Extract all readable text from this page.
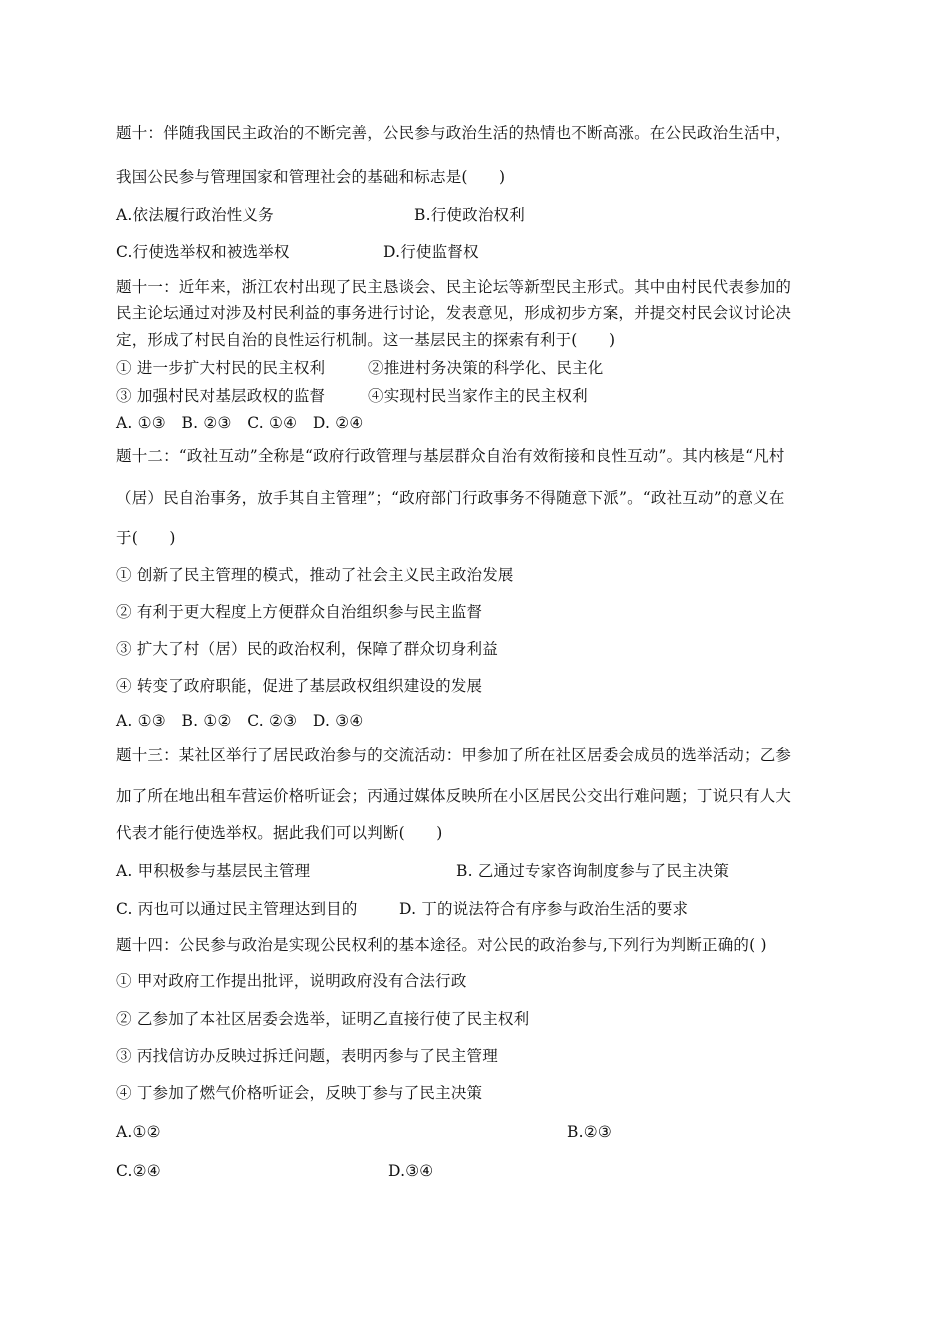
题十：伴随我国民主政治的不断完善，公民参与政治生活的热情也不断高涨。在公民政治生活中，
我国公民参与管理国家和管理社会的基础和标志是(　　)
A.依法履行政治性义务	B.行使政治权利
C.行使选举权和被选举权	D.行使监督权
题十一：近年来，浙江农村出现了民主恳谈会、民主论坛等新型民主形式。其中由村民代表参加的
民主论坛通过对涉及村民利益的事务进行讨论，发表意见，形成初步方案，并提交村民会议讨论决
定，形成了村民自治的良性运行机制。这一基层民主的探索有利于(　　)
① 进一步扩大村民的民主权利	②推进村务决策的科学化、民主化
③ 加强村民对基层政权的监督	④实现村民当家作主的民主权利
A. ①③　B. ②③　C. ①④　D. ②④
题十二：“政社互动”全称是“政府行政管理与基层群众自治有效衔接和良性互动”。其内核是“凡村
（居）民自治事务，放手其自主管理”；“政府部门行政事务不得随意下派”。“政社互动”的意义在
于(　　)
① 创新了民主管理的模式，推动了社会主义民主政治发展
② 有利于更大程度上方便群众自治组织参与民主监督
③ 扩大了村（居）民的政治权利，保障了群众切身利益
④ 转变了政府职能，促进了基层政权组织建设的发展
A. ①③　B. ①②　C. ②③　D. ③④
题十三：某社区举行了居民政治参与的交流活动：甲参加了所在社区居委会成员的选举活动；乙参
加了所在地出租车营运价格听证会；丙通过媒体反映所在小区居民公交出行难问题；丁说只有人大
代表才能行使选举权。据此我们可以判断(　　)
A. 甲积极参与基层民主管理	B. 乙通过专家咨询制度参与了民主决策
C. 丙也可以通过民主管理达到目的	D. 丁的说法符合有序参与政治生活的要求
题十四：公民参与政治是实现公民权利的基本途径。对公民的政治参与,下列行为判断正确的( )
① 甲对政府工作提出批评，说明政府没有合法行政
② 乙参加了本社区居委会选举，证明乙直接行使了民主权利
③ 丙找信访办反映过拆迁问题，表明丙参与了民主管理
④ 丁参加了燃气价格听证会，反映丁参与了民主决策
A.①②	B.②③
C.②④	D.③④
